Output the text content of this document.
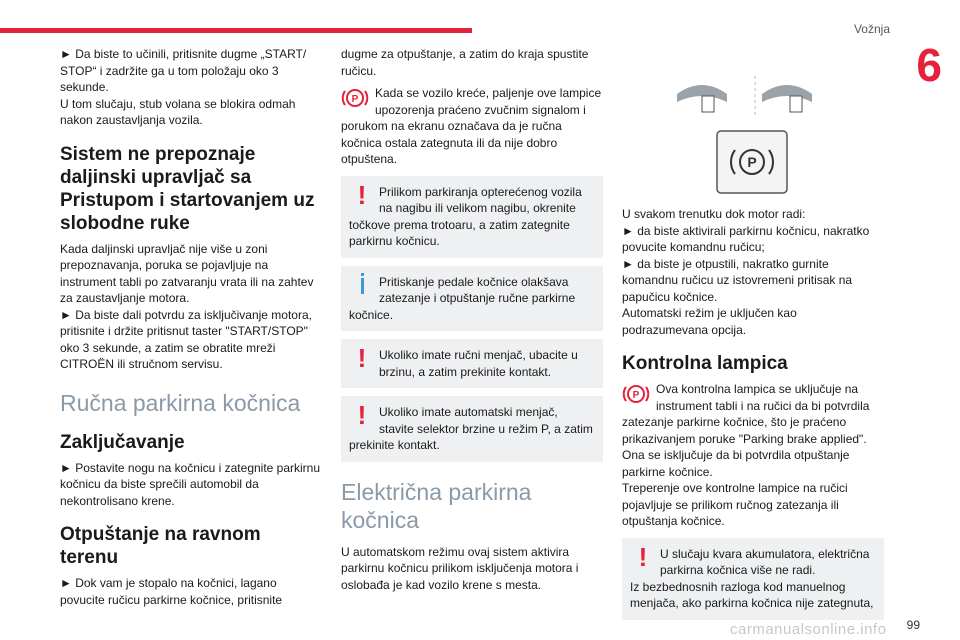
Vožnja
6

► Da biste to učinili, pritisnite dugme „START/ STOP“ i zadržite ga u tom položaju oko 3 sekunde.

U tom slučaju, stub volana se blokira odmah nakon zaustavljanja vozila.

Sistem ne prepoznaje daljinski upravljač sa Pristupom i startovanjem uz slobodne ruke

Kada daljinski upravljač nije više u zoni prepoznavanja, poruka se pojavljuje na instrument tabli po zatvaranju vrata ili na zahtev za zaustavljanje motora.

► Da biste dali potvrdu za isključivanje motora, pritisnite i držite pritisnut taster "START/STOP" oko 3 sekunde, a zatim se obratite mreži CITROËN ili stručnom servisu.

Ručna parkirna kočnica
Zaključavanje

► Postavite nogu na kočnicu i zategnite parkirnu kočnicu da biste sprečili automobil da nekontrolisano krene.

Otpuštanje na ravnom terenu

► Dok vam je stopalo na kočnici, lagano povucite ručicu parkirne kočnice, pritisnite

dugme za otpuštanje, a zatim do kraja spustite ručicu.

P	Kada se vozilo kreće, paljenje ove lampice upozorenja praćeno zvučnim signalom i porukom na ekranu označava da je ručna kočnica ostala zategnuta ili da nije dobro otpuštena.

!	Prilikom parkiranja opterećenog vozila na nagibu ili velikom nagibu, okrenite točkove prema trotoaru, a zatim zategnite parkirnu kočnicu.

Pritiskanje pedale kočnice olakšava zatezanje i otpuštanje ručne parkirne kočnice.

!	Ukoliko imate ručni menjač, ubacite u brzinu, a zatim prekinite kontakt.

!	Ukoliko imate automatski menjač, stavite selektor brzine u režim P, a zatim prekinite kontakt.

Električna parkirna kočnica

U automatskom režimu ovaj sistem aktivira parkirnu kočnicu prilikom isključenja motora i oslobađa je kad vozilo krene s mesta.

P

U svakom trenutku dok motor radi:

► da biste aktivirali parkirnu kočnicu, nakratko povucite komandnu ručicu;

► da biste je otpustili, nakratko gurnite komandnu ručicu uz istovremeni pritisak na papučicu kočnice.

Automatski režim je uključen kao podrazumevana opcija.

Kontrolna lampica
P	Ova kontrolna lampica se uključuje na instrument tabli i na ručici da bi potvrdila zatezanje parkirne kočnice, što je praćeno prikazivanjem poruke "Parking brake applied".

Ona se isključuje da bi potvrdila otpuštanje parkirne kočnice.

Treperenje ove kontrolne lampice na ručici pojavljuje se prilikom ručnog zatezanja ili otpuštanja kočnice.

!	U slučaju kvara akumulatora, električna parkirna kočnica više ne radi.

Iz bezbednosnih razloga kod manuelnog menjača, ako parkirna kočnica nije zategnuta,

carmanualsonline.info 99
